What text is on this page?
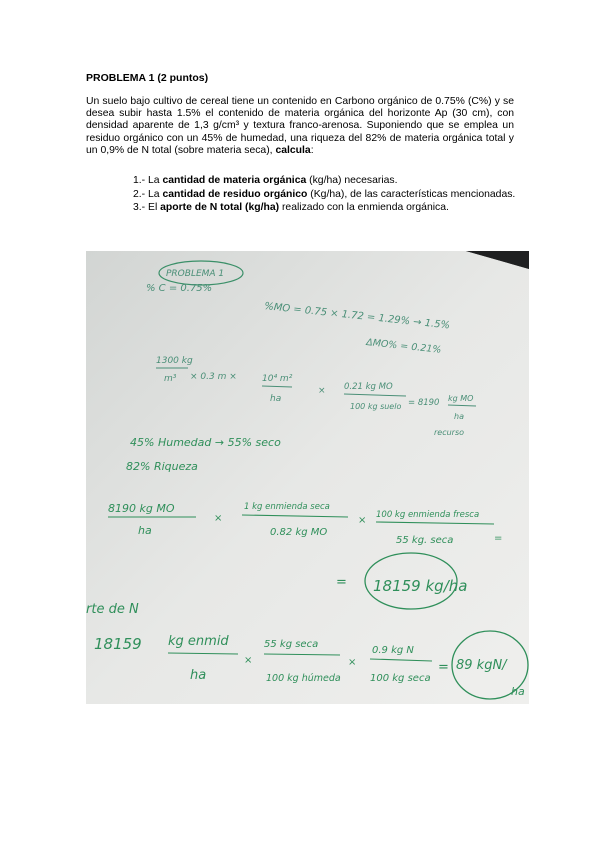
PROBLEMA 1 (2 puntos)
Un suelo bajo cultivo de cereal tiene un contenido en Carbono orgánico de 0.75% (C%) y se desea subir hasta 1.5% el contenido de materia orgánica del horizonte Ap (30 cm), con densidad aparente de 1,3 g/cm³ y textura franco-arenosa. Suponiendo que se emplea un residuo orgánico con un 45% de humedad, una riqueza del 82% de materia orgánica total y un 0,9% de N total (sobre materia seca), calcula:
1.- La cantidad de materia orgánica (kg/ha) necesarias.
2.- La cantidad de residuo orgánico (Kg/ha), de las características mencionadas.
3.- El aporte de N total (kg/ha) realizado con la enmienda orgánica.
PROBLEMA 1
% C = 0.75%
%MO = 0.75 × 1.72 = 1.29% → 1.5%
ΔMO% = 0.21%
1300 kg
m³ × 0.3 m ×	10⁴ m²
ha
× 0.21 kg MO
100 kg suelo = 8190 kg MO
ha
recurso
45% Humedad → 55% seco
82% Riqueza
8190 kg MO
ha
×
1 kg enmienda seca
0.82 kg MO
× 100 kg enmienda fresca
55 kg. seca	=
= 18159 kg/ha
rte de N
18159 kg enmid
ha
×
55 kg seca
100 kg húmeda
×
0.9 kg N
100 kg seca
= 89 kgN/
ha
